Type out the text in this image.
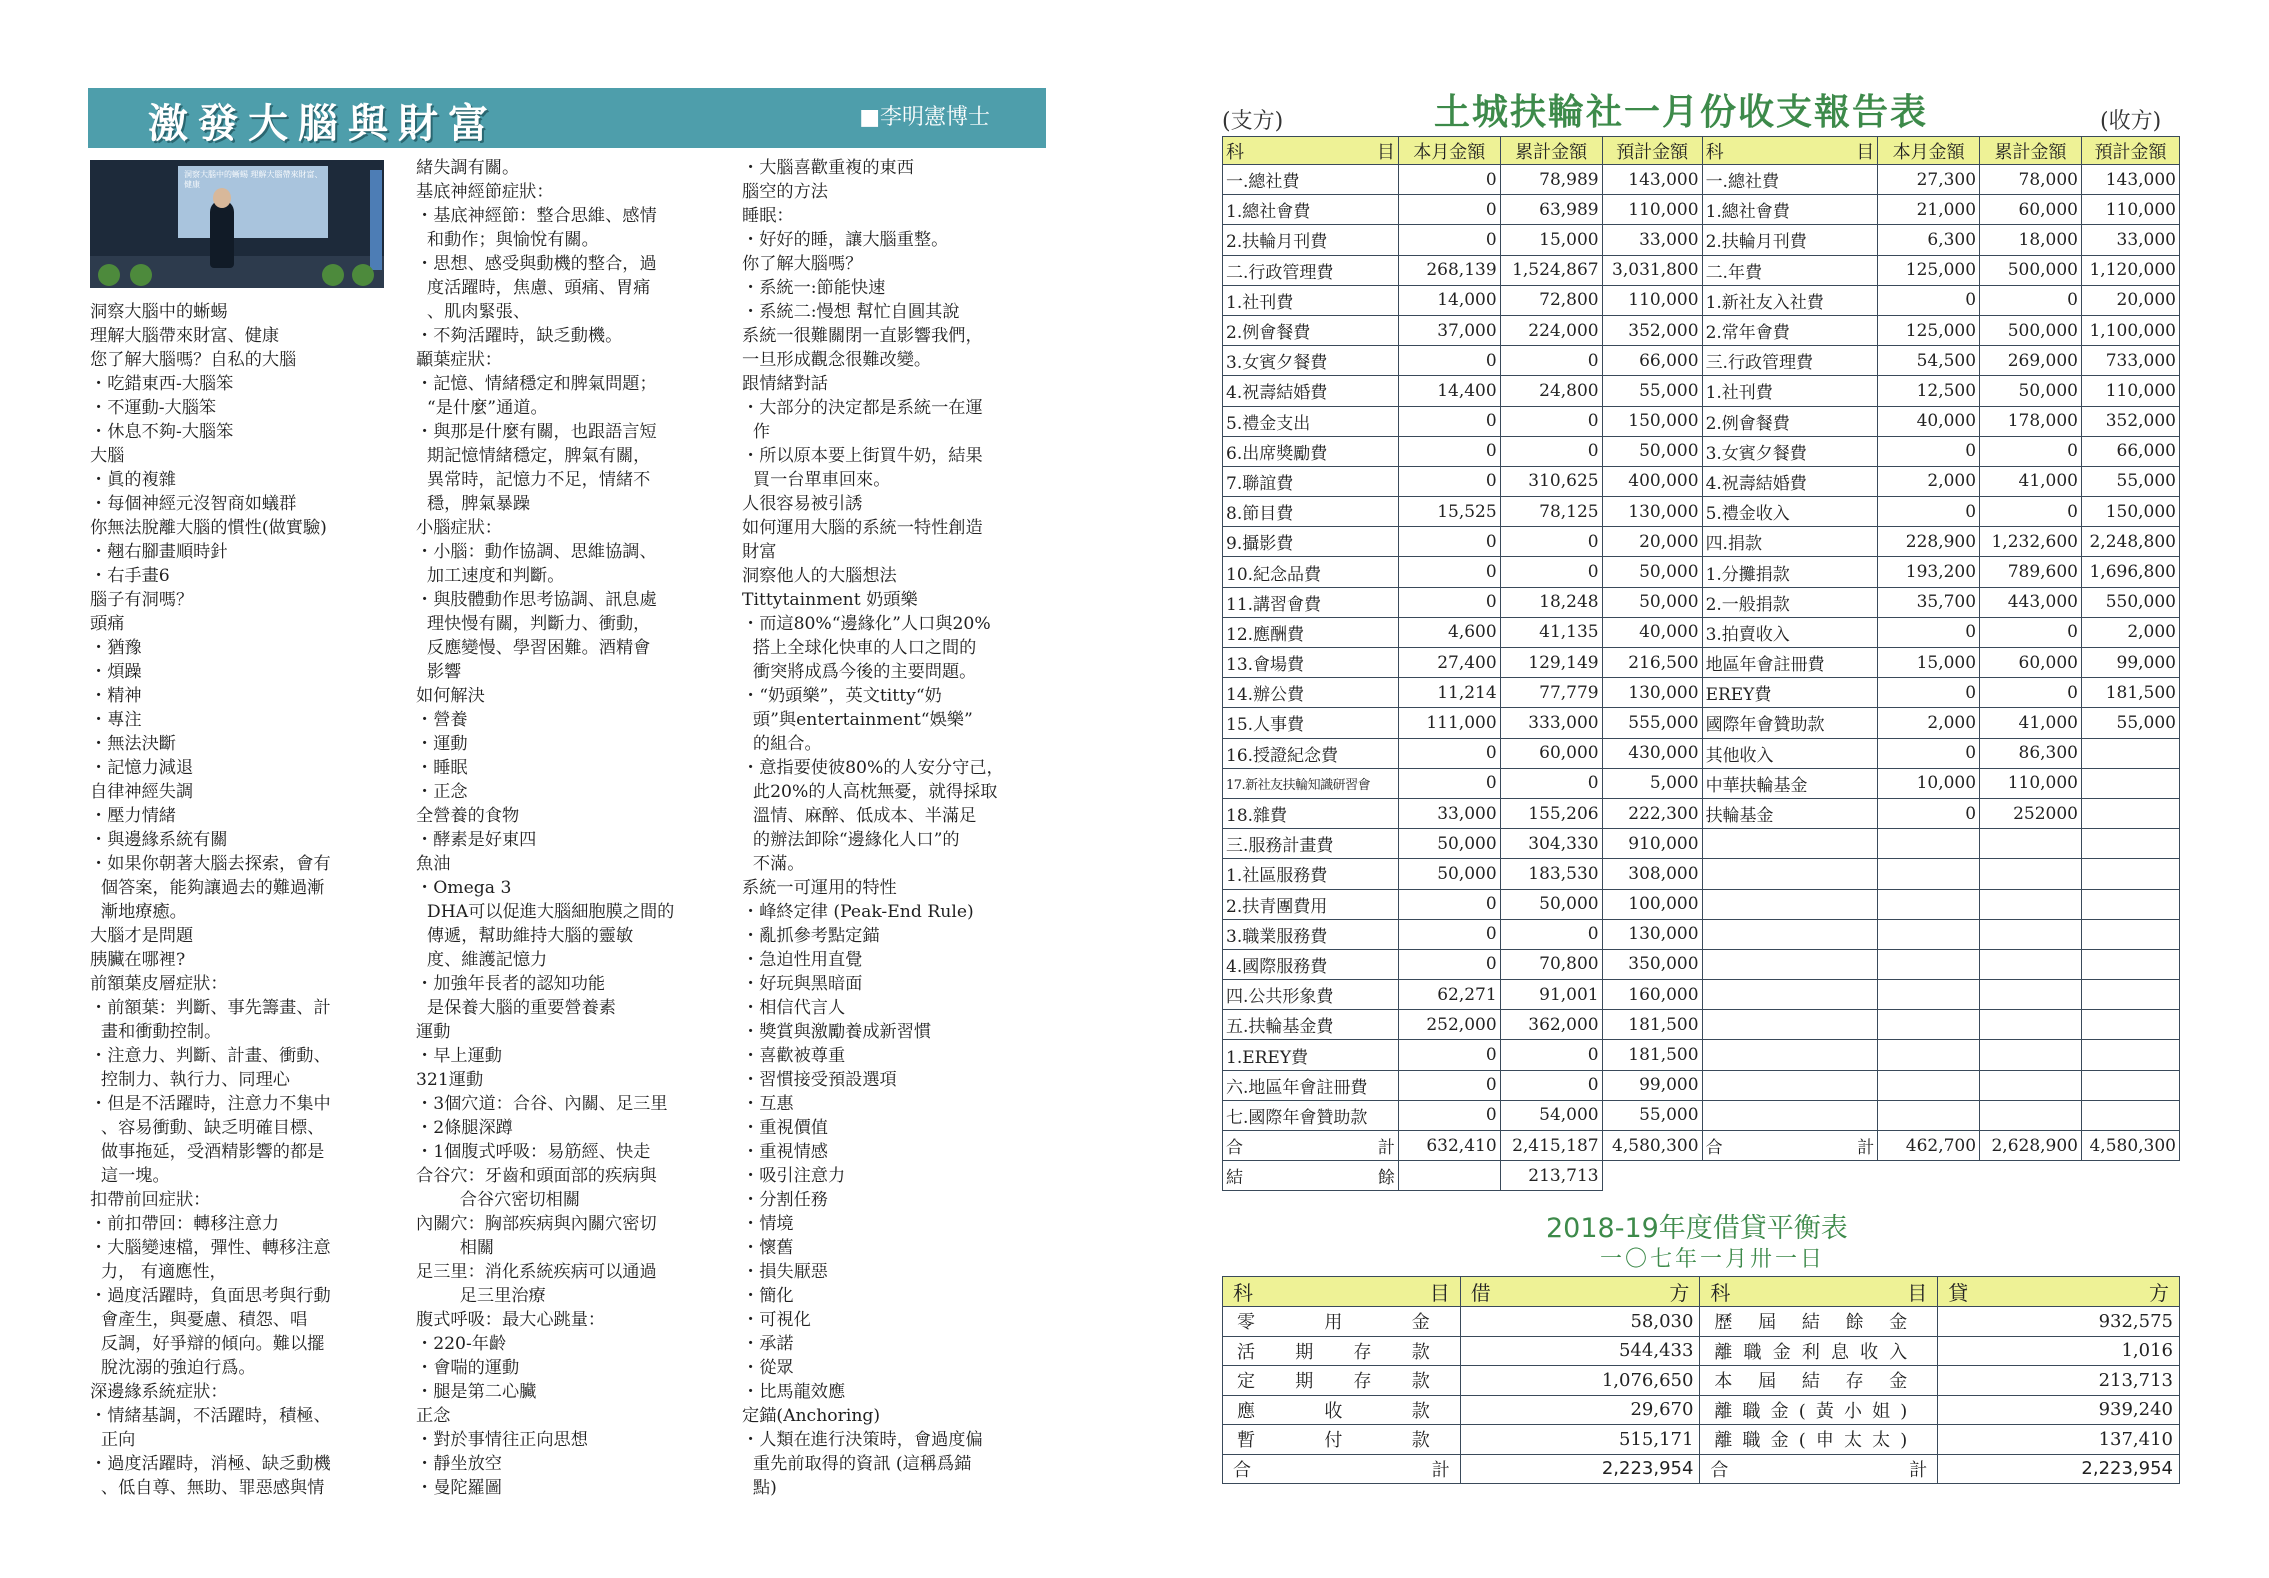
激發大腦與財富	■李明憲博士
洞察大腦中的蜥蜴 理解大腦帶來財富、健康
洞察大腦中的蜥蜴
理解大腦帶來財富、健康
您了解大腦嗎？自私的大腦
・吃錯東西-大腦笨
・不運動-大腦笨
・休息不夠-大腦笨
大腦
・眞的複雜
・每個神經元沒智商如蟻群
你無法脫離大腦的慣性(做實驗)
・翹右腳畫順時針
・右手畫6
腦子有洞嗎？
頭痛
・猶豫
・煩躁
・精神
・專注
・無法決斷
・記憶力減退
自律神經失調
・壓力情緒
・與邊緣系統有關
・如果你朝著大腦去探索，會有
個答案，能夠讓過去的難過漸
漸地療癒。
大腦才是問題
胰臟在哪裡?
前額葉皮層症狀：
・前額葉：判斷、事先籌畫、計
畫和衝動控制。
・注意力、判斷、計畫、衝動、
控制力、執行力、同理心
・但是不活躍時，注意力不集中
、容易衝動、缺乏明確目標、
做事拖延，受酒精影響的都是
這一塊。
扣帶前回症狀：
・前扣帶回：轉移注意力
・大腦變速檔，彈性、轉移注意
力， 有適應性，
・過度活躍時，負面思考與行動
會產生，與憂慮、積怨、唱
反調，好爭辯的傾向。難以擺
脫沈溺的強迫行爲。
深邊緣系統症狀：
・情緒基調，不活躍時，積極、
正向
・過度活躍時，消極、缺乏動機
、低自尊、無助、罪惡感與情
緒失調有關。
基底神經節症狀：
・基底神經節：整合思維、感情
和動作；與愉悅有關。
・思想、感受與動機的整合，過
度活躍時，焦慮、頭痛、胃痛
、肌肉緊張、
・不夠活躍時，缺乏動機。
顳葉症狀：
・記憶、情緒穩定和脾氣問題；
“是什麼”通道。
・與那是什麼有關，也跟語言短
期記憶情緒穩定，脾氣有關，
異常時，記憶力不足，情緒不
穩，脾氣暴躁
小腦症狀：
・小腦：動作協調、思維協調、
加工速度和判斷。
・與肢體動作思考協調、訊息處
理快慢有關，判斷力、衝動，
反應變慢、學習困難。酒精會
影響
如何解決
・營養
・運動
・睡眠
・正念
全營養的食物
・酵素是好東四
魚油
・Omega 3
DHA可以促進大腦細胞膜之間的
傳遞，幫助維持大腦的靈敏
度、維護記憶力
・加強年長者的認知功能
是保養大腦的重要營養素
運動
・早上運動
321運動
・3個穴道：合谷、內關、足三里
・2條腿深蹲
・1個腹式呼吸：易筋經、快走
合谷穴：牙齒和頭面部的疾病與
合谷穴密切相關
內關穴：胸部疾病與內關穴密切
相關
足三里：消化系統疾病可以通過
足三里治療
腹式呼吸：最大心跳量：
・220-年齡
・會喘的運動
・腿是第二心臟
正念
・對於事情往正向思想
・靜坐放空
・曼陀羅圖
・大腦喜歡重複的東西
腦空的方法
睡眠：
・好好的睡，讓大腦重整。
你了解大腦嗎？
・系統一:節能快速
・系統二:慢想 幫忙自圓其說
系統一很難關閉一直影響我們，
一旦形成觀念很難改變。
跟情緒對話
・大部分的決定都是系統一在運
作
・所以原本要上街買牛奶，結果
買一台單車回來。
人很容易被引誘
如何運用大腦的系統一特性創造
財富
洞察他人的大腦想法
Tittytainment 奶頭樂
・而這80%“邊緣化”人口與20%
搭上全球化快車的人口之間的
衝突將成爲今後的主要問題。
・“奶頭樂”，英文titty“奶
頭”與entertainment“娛樂”
的組合。
・意指要使彼80%的人安分守己，
此20%的人高枕無憂，就得採取
溫情、麻醉、低成本、半滿足
的辦法卸除“邊緣化人口”的
不滿。
系統一可運用的特性
・峰終定律 (Peak-End Rule)
・亂抓參考點定錨
・急迫性用直覺
・好玩與黑暗面
・相信代言人
・獎賞與激勵養成新習慣
・喜歡被尊重
・習慣接受預設選項
・互惠
・重視價值
・重視情感
・吸引注意力
・分割任務
・情境
・懷舊
・損失厭惡
・簡化
・可視化
・承諾
・從眾
・比馬龍效應
定錨(Anchoring)
・人類在進行決策時，會過度偏
重先前取得的資訊 (這稱爲錨
點)
(支方)	土城扶輪社一月份收支報告表	(收方)
科 目	本月金額	累計金額	預計金額	科 目	本月金額	累計金額	預計金額
一.總社費	0	78,989	143,000	一.總社費	27,300	78,000	143,000
1.總社會費	0	63,989	110,000	1.總社會費	21,000	60,000	110,000
2.扶輪月刊費	0	15,000	33,000	2.扶輪月刊費	6,300	18,000	33,000
二.行政管理費	268,139	1,524,867	3,031,800	二.年費	125,000	500,000	1,120,000
1.社刊費	14,000	72,800	110,000	1.新社友入社費	0	0	20,000
2.例會餐費	37,000	224,000	352,000	2.常年會費	125,000	500,000	1,100,000
3.女賓夕餐費	0	0	66,000	三.行政管理費	54,500	269,000	733,000
4.祝壽結婚費	14,400	24,800	55,000	1.社刊費	12,500	50,000	110,000
5.禮金支出	0	0	150,000	2.例會餐費	40,000	178,000	352,000
6.出席獎勵費	0	0	50,000	3.女賓夕餐費	0	0	66,000
7.聯誼費	0	310,625	400,000	4.祝壽結婚費	2,000	41,000	55,000
8.節目費	15,525	78,125	130,000	5.禮金收入	0	0	150,000
9.攝影費	0	0	20,000	四.捐款	228,900	1,232,600	2,248,800
10.紀念品費	0	0	50,000	1.分攤捐款	193,200	789,600	1,696,800
11.講習會費	0	18,248	50,000	2.一般捐款	35,700	443,000	550,000
12.應酬費	4,600	41,135	40,000	3.拍賣收入	0	0	2,000
13.會場費	27,400	129,149	216,500	地區年會註冊費	15,000	60,000	99,000
14.辦公費	11,214	77,779	130,000	EREY費	0	0	181,500
15.人事費	111,000	333,000	555,000	國際年會贊助款	2,000	41,000	55,000
16.授證紀念費	0	60,000	430,000	其他收入	0	86,300	
17.新社友扶輪知識研習會	0	0	5,000	中華扶輪基金	10,000	110,000	
18.雜費	33,000	155,206	222,300	扶輪基金	0	252000	
三.服務計畫費	50,000	304,330	910,000				
1.社區服務費	50,000	183,530	308,000				
2.扶青團費用	0	50,000	100,000				
3.職業服務費	0	0	130,000				
4.國際服務費	0	70,800	350,000				
四.公共形象費	62,271	91,001	160,000				
五.扶輪基金費	252,000	362,000	181,500				
1.EREY費	0	0	181,500				
六.地區年會註冊費	0	0	99,000				
七.國際年會贊助款	0	54,000	55,000				

合 計	632,410	2,415,187	4,580,300	合 計	462,700	2,628,900	4,580,300

結 餘		213,713					
2018-19年度借貸平衡表
一〇七年一月卅一日
科 目	借 方	科 目	貸 方

零用金	58,030	歷屆結餘金	932,575
活期存款	544,433	離職金利息收入	1,016
定期存款	1,076,650	本屆結存金	213,713
應收款	29,670	離職金(黃小姐)	939,240
暫付款	515,171	離職金(申太太)	137,410

合 計	2,223,954	合 計	2,223,954
